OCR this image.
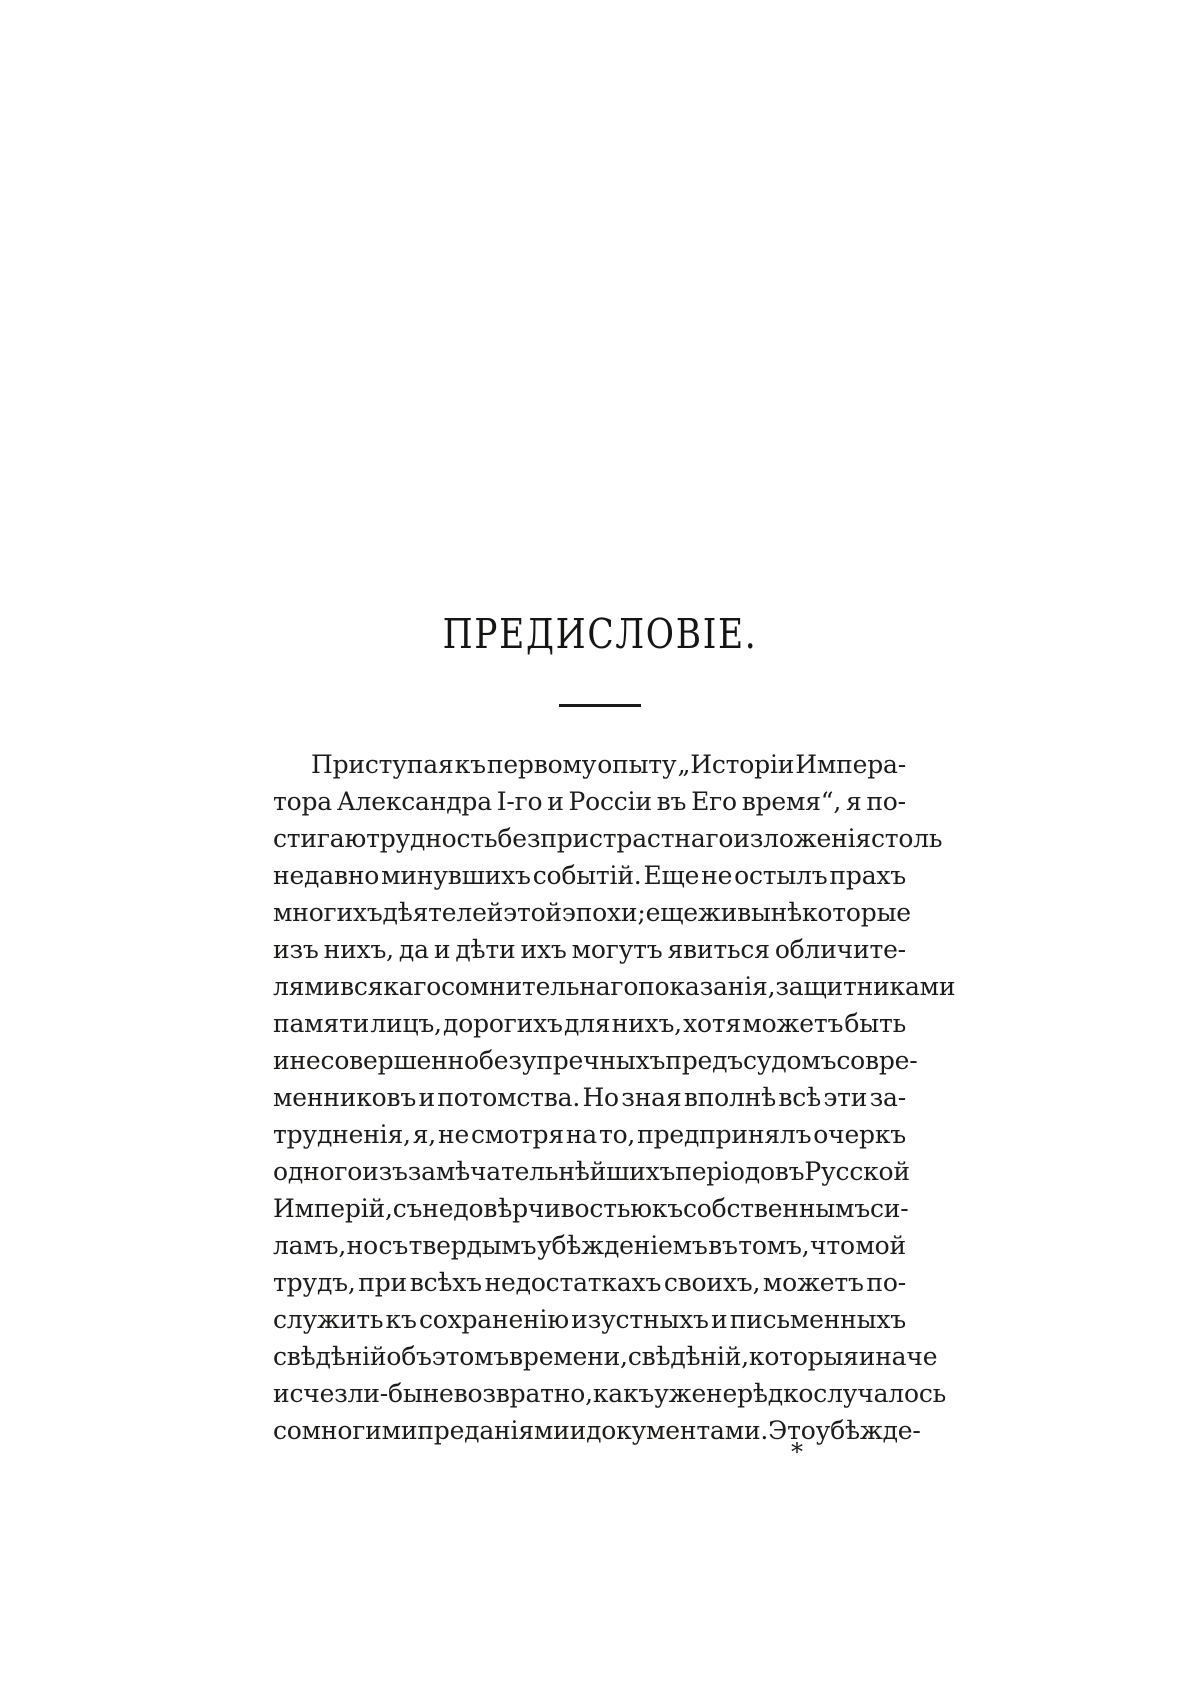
ПРЕДИСЛОВІЕ.
Приступая къ первому опыту „Исторіи Импера-
тора Александра І-го и Россіи въ Его время“, я по-
стигаю трудность безпристрастнаго изложенія столь
недавно минувшихъ событій. Еще не остылъ прахъ
многихъ дѣятелей этой эпохи; еще живы нѣкоторые
изъ нихъ, да и дѣти ихъ могутъ явиться обличите-
лями всякаго сомнительнаго показанія, защитниками
памяти лицъ, дорогихъ для нихъ, хотя можетъ быть
и несовершенно безупречныхъ предъ судомъ совре-
менниковъ и потомства. Но зная вполнѣ всѣ эти за-
трудненія, я, не смотря на то, предпринялъ очеркъ
одного изъ замѣчательнѣйшихъ періодовъ Русской
Имперій, съ недовѣрчивостью къ собственнымъ си-
ламъ, но съ твердымъ убѣжденіемъ въ томъ, что мой
трудъ, при всѣхъ недостаткахъ своихъ, можетъ по-
служить къ сохраненію изустныхъ и письменныхъ
свѣдѣній объ этомъ времени, свѣдѣній, которыя иначе
исчезли-бы невозвратно, какъ уже нерѣдко случалось
со многими преданіями и документами. Это убѣжде-
*
